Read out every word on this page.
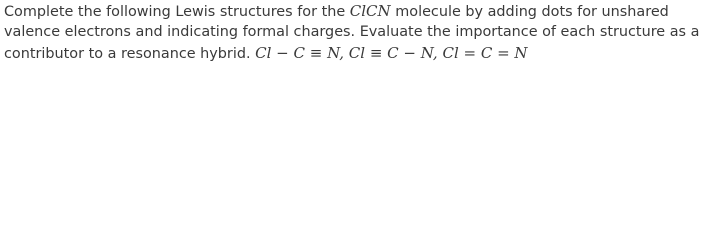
Complete the following Lewis structures for the ClCN molecule by adding dots for unshared
valence electrons and indicating formal charges. Evaluate the importance of each structure as a
contributor to a resonance hybrid. Cl − C ≡ N, Cl ≡ C − N, Cl = C = N
